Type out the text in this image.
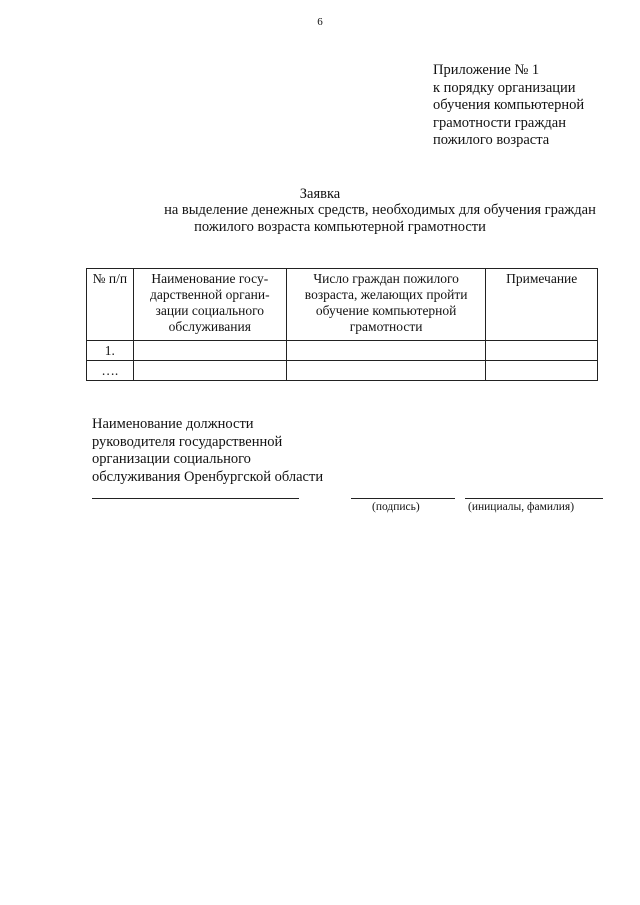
6
Приложение № 1
к порядку организации
обучения компьютерной
грамотности граждан
пожилого возраста
Заявка
на выделение денежных средств, необходимых для обучения граждан
пожилого возраста компьютерной грамотности
№ п/п	Наименование госу-дарственной органи-зации социального обслуживания	Число граждан пожилого возраста, желающих пройти обучение компьютерной грамотности	Примечание
1.			
….			
Наименование должности
руководителя государственной
организации социального
обслуживания Оренбургской области
(подпись)	(инициалы, фамилия)
